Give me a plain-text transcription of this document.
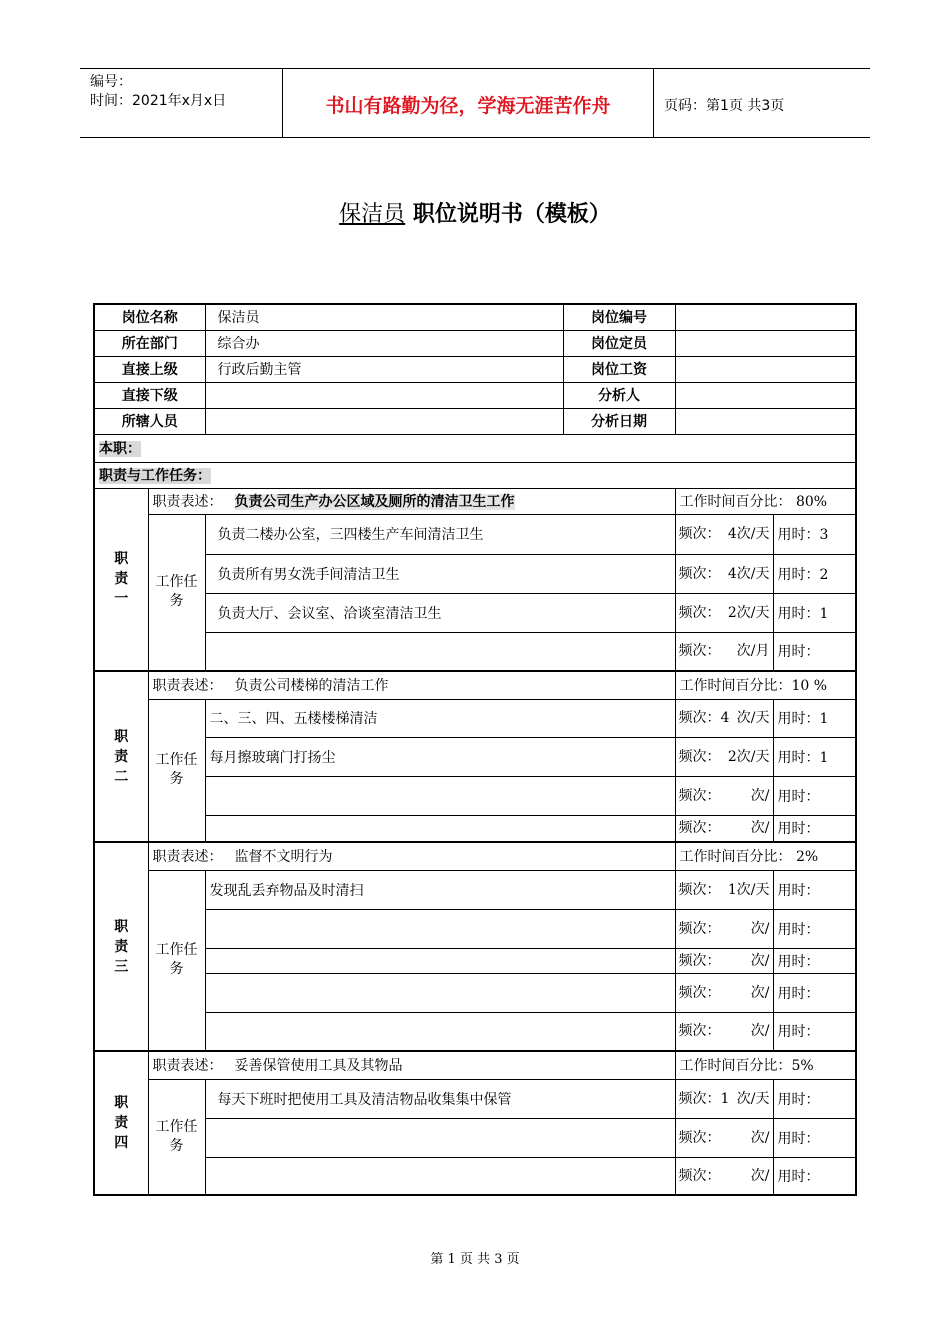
编号：
时间：2021年x月x日	书山有路勤为径，学海无涯苦作舟	页码：第1页 共3页
保洁员 职位说明书（模板）
岗位名称		保洁员	岗位编号		
所在部门		综合办	岗位定员		
直接上级		行政后勤主管	岗位工资		
直接下级			分析人		
所辖人员			分析日期		
本职：					
职责与工作任务：					

职责一	职责表述： 负责公司生产办公区域及厕所的清洁卫生工作			工作时间百分比： 80%	
	工作任务	负责二楼办公室，三四楼生产车间清洁卫生		频次： 4次/天	用时：3
		负责所有男女洗手间清洁卫生		频次： 4次/天	用时：2
		负责大厅、会议室、洽谈室清洁卫生		频次： 2次/天	用时：1
				频次： 次/月	用时：

职责二	职责表述： 负责公司楼梯的清洁工作			工作时间百分比：10 %	
	工作任务	二、三、四、五楼楼梯清洁		频次：4 次/天	用时：1
		每月擦玻璃门打扬尘		频次： 2次/天	用时：1
				频次： 次/	用时：
				频次： 次/	用时：

职责三	职责表述： 监督不文明行为			工作时间百分比： 2%	
	工作任务	发现乱丢弃物品及时清扫		频次： 1次/天	用时：
				频次： 次/	用时：
				频次： 次/	用时：
				频次： 次/	用时：
				频次： 次/	用时：

职责四	职责表述： 妥善保管使用工具及其物品			工作时间百分比：5%	
	工作任务	每天下班时把使用工具及清洁物品收集集中保管		频次：1 次/天	用时：
				频次： 次/	用时：
				频次： 次/	用时：
第 1 页 共 3 页
